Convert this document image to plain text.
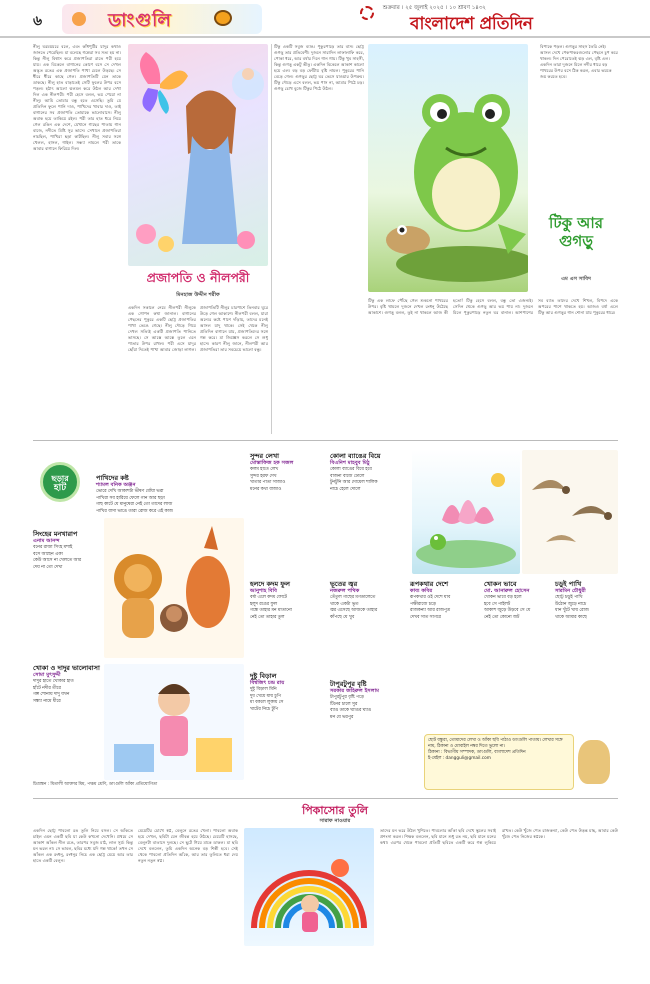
৬	ডাংগুলি
শুক্রবার । ২৫ জুলাই ২০২৫ । ১০ শ্রাবণ ১৪৩২
বাংলাদেশ প্রতিদিন
নীলু ঘরময়য়রে বলে, এবং কাঁধপুটির যাদুর কথাও জানতে পেরেছিল। মা বলেছে গল্পেরা সব সত্য হয় না। কিন্তু নীলু বিশ্বাস করে প্রজাপতিরা রাতে পরী হয়ে যায়। এক বিকেলে বাগানের কোণে বসে সে দেখল অদ্ভুত রঙের এক প্রজাপতি পাখা মেলে উড়ছে। সে ধীরে ধীরে কাছে গেল। প্রজাপতিটি যেন তাকে ডাকছে। নীলু হাত বাড়াতেই সেটি ফুলের উপর বসে পড়ল। হঠাৎ আলো ঝলমল করে উঠল আর দেখা দিল এক নীলপরী। পরী হেসে বলল, ভয় পেয়ো না নীলু। আমি তোমার বন্ধু হতে এসেছি। তুমি যে প্রতিদিন ফুলে পানি দাও, পাখিদের খাবার দাও, তাই বাগানের সব প্রজাপতি তোমাকে ভালোবাসে। নীলু অবাক হয়ে তাকিয়ে রইল। পরী তার হাত ধরে নিয়ে গেল রঙিন এক দেশে, যেখানে গাছের পাতায় গান বাজে, নদীতে মিষ্টি সুর ভাসে। সেখানে প্রজাপতিরা নাচছিল, পাখিরা ছড়া কাটছিল। নীলু সবার সঙ্গে খেলল, হাসল, গাইল। সন্ধ্যা নামলে পরী তাকে আবার বাগানে ফিরিয়ে দিল।
প্রজাপতি ও নীলপরী
মিনহাজ উদ্দীন শরীফ
একদিন সকালে নেমে নীলপরী নীলুকে এক গোপন কথা জানাল। বাগানের পেছনের পুকুরে একটি ছোট্ট প্রজাপতির পাখা ভেঙে গেছে। নীলু দৌড়ে গিয়ে দেখল সত্যিই একটি প্রজাপতি পানিতে ভাসছে। সে আস্তে আস্তে তুলে এনে পাতার উপর রাখল। পরী এসে যাদুর ছোঁয়া দিতেই পাখা আবার জোড়া লাগল। প্রজাপতিটি নীলুর চারপাশে তিনবার ঘুরে উড়ে গেল আকাশে। নীলপরী বলল, যারা অন্যের কষ্টে পাশে দাঁড়ায়, তাদের মনেই আসল যাদু থাকে। সেই থেকে নীলু প্রতিদিন বাগানে যায়, প্রজাপতিদের সঙ্গে গল্প করে। মা জিজ্ঞেস করলে সে শুধু হাসে। কারণ নীলু জানে, নীলপরী আর প্রজাপতিরা তার সবচেয়ে ভালো বন্ধু।
টিকু একটি সবুজ ব্যাঙ। পুকুরপাড়ে তার বাস। ছোট্ট গুগড়ু তার প্রতিবেশী। দুজনে সারাদিন লাফালাফি করে, পোকা ধরে, আর বর্ষার দিনে গান গায়। টিকু খুব সাহসী, কিন্তু গুগড়ু একটু ভীতু। একদিন বিকেলে আকাশ কালো হয়ে এল। বড় বড় ফোঁটায় বৃষ্টি নামল। পুকুরের পানি বেড়ে গেল। গুগড়ুর ছোট্ট ঘর ভেসে যাওয়ার উপক্রম। টিকু দৌড়ে এসে বলল, ভয় পাস না, আমার পিঠে চড়। গুগড়ু চোখ বুজে টিকুর পিঠে উঠল।
বিপাকে পড়ল। গুগড়ুর সাহস তৈরি নেই। আসল দেখে পেকপাকরগুলোর পেছনে চুপ করে থাকল। দিন পেরোতেই ঝড় এল, বৃষ্টি এল। একদিন তারা দুজনে মিলে নদীর ধারে বড় পাথরের উপর বসে ঠিক করল, এবার ভয়কে জয় করতে হবে।
টিকু আর গুগড়ু
এম এস সাবিদ
টিকু এক লাফে পৌঁছে গেল শুকনো পাথরের উপর। বৃষ্টি থামলে দুজনে দেখল রংধনু উঠেছে আকাশে। গুগড়ু বলল, তুই না থাকলে আজ কী হতো! টিকু হেসে বলল, বন্ধু তো এজন্যই। সেদিন থেকে গুগড়ু আর ভয় পায় না। দুজনে মিলে পুকুরপাড়ে নতুন ঘর বানাল। আশপাশের সব ব্যাঙ তাদের দেখে শিখল, বিপদে একে অপরের পাশে থাকতে হয়। আজও বর্ষা এলে টিকু আর গুগড়ুর গান শোনা যায় পুকুরের ধারে।
ছড়ার
হাট
পাখিদের কষ্ট
শ্যামল বনিক অঞ্জন
ভোরে দেখি আকাশটা ভীষণ ধোঁয়া ভরা
পাখিরা সব হারিয়ে ফেলে গান আর ছড়া
গাছ কাটে যে মানুষেরা নেই তো তাদের লাজ
পাখির বাসা ভাঙে তারা রোজ করে এই কাজ
সুন্দর লেখা
মোস্তাফিজ হক সজল
কলম হাতে লেখ
সুন্দর হরফ দেখ
খাতার পাতা সাজাও
মনের কথা বাজাও
কোলা ব্যাঙের বিয়ে
বিএনিশ মাহবুব মিঠু
কোলা ব্যাঙের বিয়ে হবে
বাজনা বাজে ঢোলে
টুনটুনি আর দোয়েল শালিক
নাচে হেলে দোলে
সিংহের মনখারাপ
এনাম আনন্দ
বনের রাজা সিংহ মশাই
বসে আছেন একা
কেউ আসে না খেলতে আর
দেয় না তো দেখা
হলদে কদম ফুল
আনুশাহ বিবি
বর্ষা এলে কদম ফোটে
হলুদ রঙের ফুল
গন্ধে তাহার মন মাতানো
নেই তো তাহার তুল
ভূতের জ্বর
নজরুল পথিক
তেঁতুল গাছের মগডালেতে
থাকে একটা ভূত
জ্বর এসেছে আজকে তাহার
কাঁপছে যে খুব
রূপকথার দেশে
কাব্য কবির
রূপকথার ওই দেশে যাব
পক্ষীরাজে চড়ে
রাজকন্যা আর রাজপুত্র
দেখব সাত সাগরে
খোকন ভাবে
মো. আনারুল হোসেন
খোকন ভাবে বড় হলে
হবে সে পাইলট
আকাশ জুড়ে উড়বে সে যে
নেই তো কোনো জট
চড়ুই পাখি
সারমিন চৌধুরী
ছোট্ট চড়ুই পাখি
উঠোন জুড়ে নাচে
ধান খুঁটে খায় রোজ
থাকে আমার কাছে
খোকা ও দাদুর ভালোবাসা
সোমা মুৎসুদ্দী
দাদুর হাতে খোকার হাত
হাঁটে নদীর তীরে
গল্প শোনায় দাদু যখন
সন্ধ্যা নামে ধীরে
চিত্রাঙ্কন : মিতালী আক্তার মিম, পঞ্চম শ্রেণি, ডাংগুলি আঁকা প্রতিযোগিতা
দুষ্টু বিড়াল
বিশ্বজিৎ চন্দ্র রায়
দুষ্টু বিড়াল মিনি
দুধ খেয়ে যায় চুপি
মা বকলে লুকায় সে
খাটের নিচে টুপি
টাপুরটুপুর বৃষ্টি
সরকার জহিরুল ইসলাম
টাপুরটুপুর বৃষ্টি পড়ে
টিনের চালে সুর
ব্যাঙ ডাকে ঘ্যাঙর ঘ্যাঙ
মন যে ভরপুর
ছোট বন্ধুরা, তোমাদের লেখা ও আঁকা ছবি পাঠাও ডাংগুলি পাতায়। লেখার সঙ্গে নাম, ঠিকানা ও মোবাইল নম্বর দিতে ভুলো না।
ঠিকানা : বিভাগীয় সম্পাদক, ডাংগুলি, বাংলাদেশ প্রতিদিন
ই-মেইল : dangguli@gmail.com
পিকাসোর তুলি
সারাফ নাওয়ার
একদিন ছোট্ট পাবলো রঙ তুলি নিয়ে বসল। সে আঁকতে চাইল এমন একটি ছবি যা কেউ কখনো দেখেনি। প্রথমে সে আকাশ আঁকল নীল রঙে, তারপর সবুজ মাঠ, লাল সূর্য। কিন্তু মন ভরল না। সে ভাবল, ছবির মধ্যে যদি গল্প থাকে! তখন সে আঁকল এক রংধনু, রংধনুর নিচে এক ছোট্ট মেয়ে আর তার হাতে একটি বেলুন।
মেয়েটির চোখে স্বপ্ন, বেলুনে রঙের খেলা। পাবলো অবাক হয়ে দেখল, ছবিটা যেন জীবন্ত হয়ে উঠছে। মেয়েটি হাসছে, বেলুনটা বাতাসে দুলছে। সে ছুটে গিয়ে মাকে ডাকল। মা ছবি দেখে বললেন, তুমি একদিন অনেক বড় শিল্পী হবে। সেই থেকে পাবলো প্রতিদিন আঁকে, আর তার তুলিতে ধরা দেয় নতুন নতুন স্বপ্ন।
তাদের মন ভরে উঠল খুশিতে। পাবলোর আঁকা ছবি দেখে স্কুলের সবাই প্রশংসা করল। শিক্ষক বললেন, ছবি মানে শুধু রঙ নয়, ছবি মানে মনের কথা। এরপর থেকে পাবলো প্রতিটি ছবিতে একটি করে গল্প লুকিয়ে রাখত। কেউ খুঁজে পেত রাজকন্যা, কেউ পেত উড়ন্ত মাছ, আবার কেউ খুঁজে পেত নিজের স্বপ্নকে।
